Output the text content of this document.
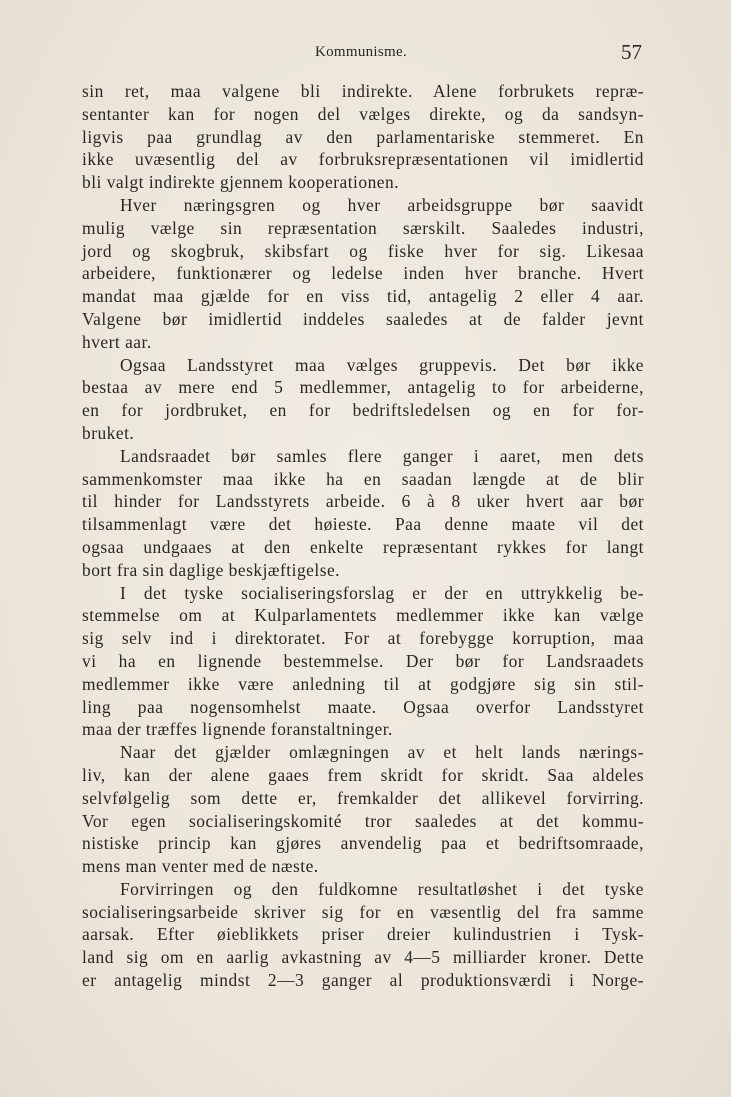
Kommunisme.	57
sin ret, maa valgene bli indirekte. Alene forbrukets repræ-
sentanter kan for nogen del vælges direkte, og da sandsyn-
ligvis paa grundlag av den parlamentariske stemmeret. En
ikke uvæsentlig del av forbruksrepræsentationen vil imidlertid
bli valgt indirekte gjennem kooperationen.
Hver næringsgren og hver arbeidsgruppe bør saavidt
mulig vælge sin repræsentation særskilt. Saaledes industri,
jord og skogbruk, skibsfart og fiske hver for sig. Likesaa
arbeidere, funktionærer og ledelse inden hver branche. Hvert
mandat maa gjælde for en viss tid, antagelig 2 eller 4 aar.
Valgene bør imidlertid inddeles saaledes at de falder jevnt
hvert aar.
Ogsaa Landsstyret maa vælges gruppevis. Det bør ikke
bestaa av mere end 5 medlemmer, antagelig to for arbeiderne,
en for jordbruket, en for bedriftsledelsen og en for for-
bruket.
Landsraadet bør samles flere ganger i aaret, men dets
sammenkomster maa ikke ha en saadan længde at de blir
til hinder for Landsstyrets arbeide. 6 à 8 uker hvert aar bør
tilsammenlagt være det høieste. Paa denne maate vil det
ogsaa undgaaes at den enkelte repræsentant rykkes for langt
bort fra sin daglige beskjæftigelse.
I det tyske socialiseringsforslag er der en uttrykkelig be-
stemmelse om at Kulparlamentets medlemmer ikke kan vælge
sig selv ind i direktoratet. For at forebygge korruption, maa
vi ha en lignende bestemmelse. Der bør for Landsraadets
medlemmer ikke være anledning til at godgjøre sig sin stil-
ling paa nogensomhelst maate. Ogsaa overfor Landsstyret
maa der træffes lignende foranstaltninger.
Naar det gjælder omlægningen av et helt lands nærings-
liv, kan der alene gaaes frem skridt for skridt. Saa aldeles
selvfølgelig som dette er, fremkalder det allikevel forvirring.
Vor egen socialiseringskomité tror saaledes at det kommu-
nistiske princip kan gjøres anvendelig paa et bedriftsomraade,
mens man venter med de næste.
Forvirringen og den fuldkomne resultatløshet i det tyske
socialiseringsarbeide skriver sig for en væsentlig del fra samme
aarsak. Efter øieblikkets priser dreier kulindustrien i Tysk-
land sig om en aarlig avkastning av 4—5 milliarder kroner. Dette
er antagelig mindst 2—3 ganger al produktionsværdi i Norge-
